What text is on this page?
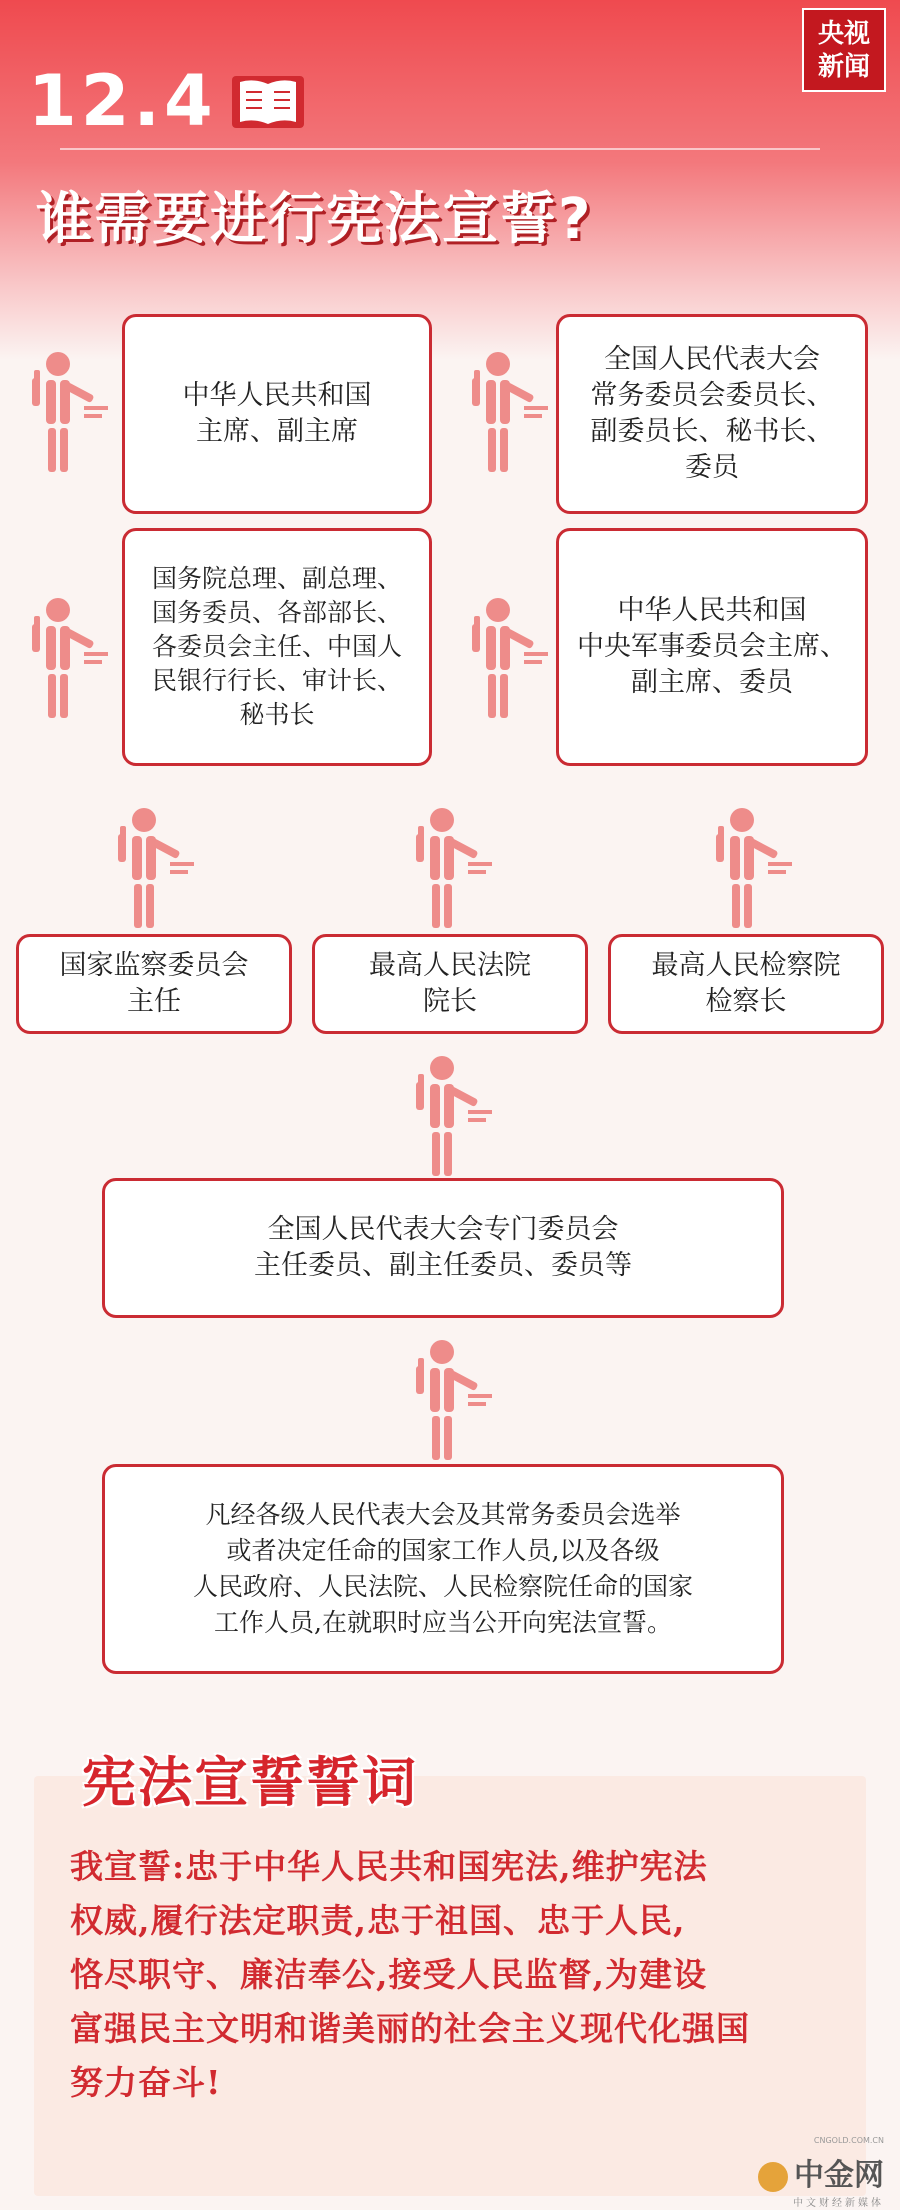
央视
新闻
12.4
谁需要进行宪法宣誓?
中华人民共和国
主席、副主席
全国人民代表大会
常务委员会委员长、
副委员长、秘书长、
委员
国务院总理、副总理、
国务委员、各部部长、
各委员会主任、中国人
民银行行长、审计长、
秘书长
中华人民共和国
中央军事委员会主席、
副主席、委员
国家监察委员会
主任
最高人民法院
院长
最高人民检察院
检察长
全国人民代表大会专门委员会
主任委员、副主任委员、委员等
凡经各级人民代表大会及其常务委员会选举
或者决定任命的国家工作人员,以及各级
人民政府、人民法院、人民检察院任命的国家
工作人员,在就职时应当公开向宪法宣誓。
宪法宣誓誓词
我宣誓:忠于中华人民共和国宪法,维护宪法
权威,履行法定职责,忠于祖国、忠于人民,
恪尽职守、廉洁奉公,接受人民监督,为建设
富强民主文明和谐美丽的社会主义现代化强国
努力奋斗!
CNGOLD.COM.CN
中金网
中文财经新媒体
